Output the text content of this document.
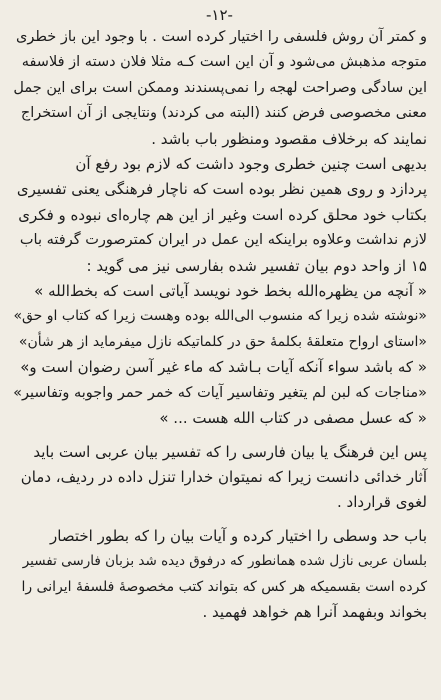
-۱۲-
و کمتر آن روش فلسفی را اختیار کرده است . با وجود این باز خطری
متوجه مذهبش می‌شود و آن این است کـه مثلا فلان دسته از فلاسفه
این سادگی وصراحت لهجه را نمی‌پسندند وممکن است برای این جمل
معنی مخصوصی فرض کنند (البته می کردند) ونتایجی از آن استخراج
نمایند که برخلاف مقصود ومنظور باب باشد .
بدیهی است چنین خطری وجود داشت که لازم بود رفع آن
پردازد و روی همین نظر بوده است که ناچار فرهنگی یعنی تفسیری
بکتاب خود محلق کرده است وغیر از این هم چاره‌ای نبوده و فکری
لازم نداشت وعلاوه براینکه این عمل در ایران کمترصورت گرفته باب
۱۵ از واحد دوم بیان تفسیر شده بفارسی نیز می گوید :
« آنچه من یظهره‌الله بخط خود نویسد آیاتی است که بخط‌الله »
«نوشته شده زیرا که منسوب الی‌الله بوده وهست زیرا که کتاب او حق»
«استای ارواح متعلقهٔ بکلمهٔ حق در کلماتیکه نازل میفرماید از هر شأن»
« که باشد سواء آنکه آیات بـاشد که ماء غیر آسن رضوان است و»
«مناجات که لبن لم یتغیر وتفاسیر آیات که خمر حمر واجوبه وتفاسیر»
« که عسل مصفی در کتاب الله هست ... »
پس این فرهنگ یا بیان فارسی را که تفسیر بیان عربی است باید
آثار خدائی دانست زیرا که نمیتوان خدارا تنزل داده در ردیف، دمان
لغوی قرارداد .
باب حد وسطی را اختیار کرده و آیات بیان را که بطور اختصار
بلسان عربی نازل شده همانطور که درفوق دیده شد بزبان فارسی تفسیر
کرده است بقسمیکه هر کس که بتواند کتب مخصوصهٔ فلسفهٔ ایرانی را
بخواند وبفهمد آنرا هم خواهد فهمید .
